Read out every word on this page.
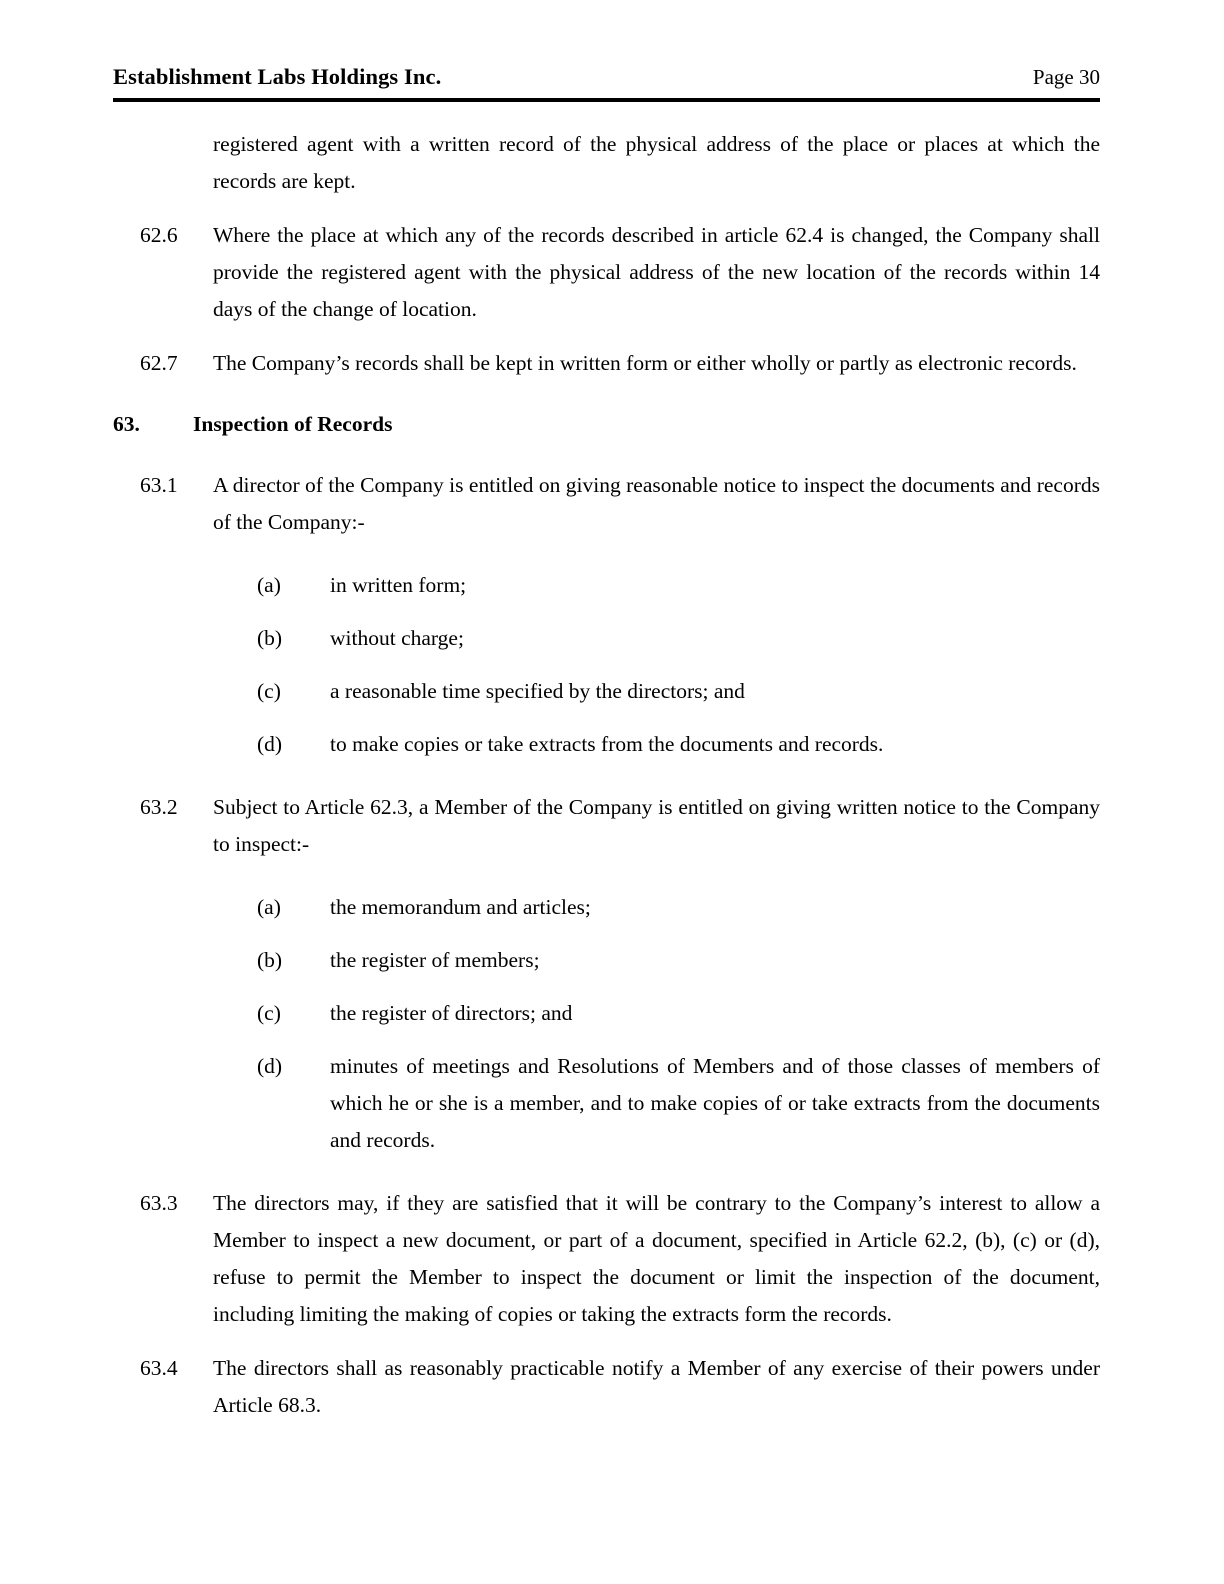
Establishment Labs Holdings Inc.	Page 30
registered agent with a written record of the physical address of the place or places at which the records are kept.
62.6	Where the place at which any of the records described in article 62.4 is changed, the Company shall provide the registered agent with the physical address of the new location of the records within 14 days of the change of location.
62.7	The Company’s records shall be kept in written form or either wholly or partly as electronic records.
63.	Inspection of Records
63.1	A director of the Company is entitled on giving reasonable notice to inspect the documents and records of the Company:-
(a)	in written form;
(b)	without charge;
(c)	a reasonable time specified by the directors; and
(d)	to make copies or take extracts from the documents and records.
63.2	Subject to Article 62.3, a Member of the Company is entitled on giving written notice to the Company to inspect:-
(a)	the memorandum and articles;
(b)	the register of members;
(c)	the register of directors; and
(d)	minutes of meetings and Resolutions of Members and of those classes of members of which he or she is a member, and to make copies of or take extracts from the documents and records.
63.3	The directors may, if they are satisfied that it will be contrary to the Company’s interest to allow a Member to inspect a new document, or part of a document, specified in Article 62.2, (b), (c) or (d), refuse to permit the Member to inspect the document or limit the inspection of the document, including limiting the making of copies or taking the extracts form the records.
63.4	The directors shall as reasonably practicable notify a Member of any exercise of their powers under Article 68.3.
